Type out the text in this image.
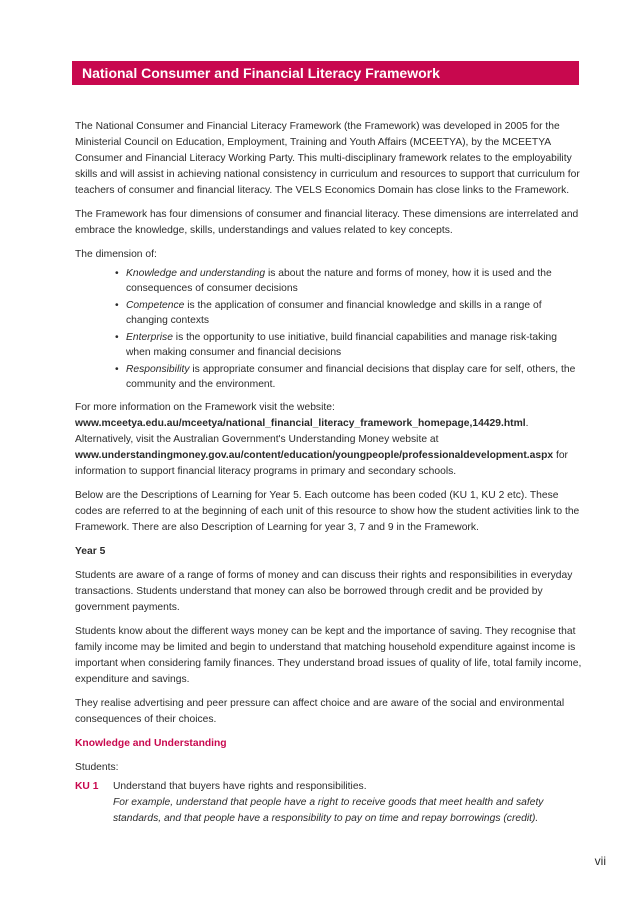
National Consumer and Financial Literacy Framework

The National Consumer and Financial Literacy Framework (the Framework) was developed in 2005 for the Ministerial Council on Education, Employment, Training and Youth Affairs (MCEETYA), by the MCEETYA Consumer and Financial Literacy Working Party. This multi-disciplinary framework relates to the employability skills and will assist in achieving national consistency in curriculum and resources to support that curriculum for teachers of consumer and financial literacy. The VELS Economics Domain has close links to the Framework.

The Framework has four dimensions of consumer and financial literacy. These dimensions are interrelated and embrace the knowledge, skills, understandings and values related to key concepts.

The dimension of:

• Knowledge and understanding is about the nature and forms of money, how it is used and the consequences of consumer decisions
• Competence is the application of consumer and financial knowledge and skills in a range of changing contexts
• Enterprise is the opportunity to use initiative, build financial capabilities and manage risk-taking when making consumer and financial decisions
• Responsibility is appropriate consumer and financial decisions that display care for self, others, the community and the environment.

For more information on the Framework visit the website: www.mceetya.edu.au/mceetya/national_financial_literacy_framework_homepage,14429.html. Alternatively, visit the Australian Government's Understanding Money website at www.understandingmoney.gov.au/content/education/youngpeople/professionaldevelopment.aspx for information to support financial literacy programs in primary and secondary schools.

Below are the Descriptions of Learning for Year 5. Each outcome has been coded (KU 1, KU 2 etc). These codes are referred to at the beginning of each unit of this resource to show how the student activities link to the Framework. There are also Description of Learning for year 3, 7 and 9 in the Framework.

Year 5

Students are aware of a range of forms of money and can discuss their rights and responsibilities in everyday transactions. Students understand that money can also be borrowed through credit and be provided by government payments.

Students know about the different ways money can be kept and the importance of saving. They recognise that family income may be limited and begin to understand that matching household expenditure against income is important when considering family finances. They understand broad issues of quality of life, total family income, expenditure and savings.

They realise advertising and peer pressure can affect choice and are aware of the social and environmental consequences of their choices.

Knowledge and Understanding

Students:

KU 1	Understand that buyers have rights and responsibilities.
For example, understand that people have a right to receive goods that meet health and safety standards, and that people have a responsibility to pay on time and repay borrowings (credit).
vii
